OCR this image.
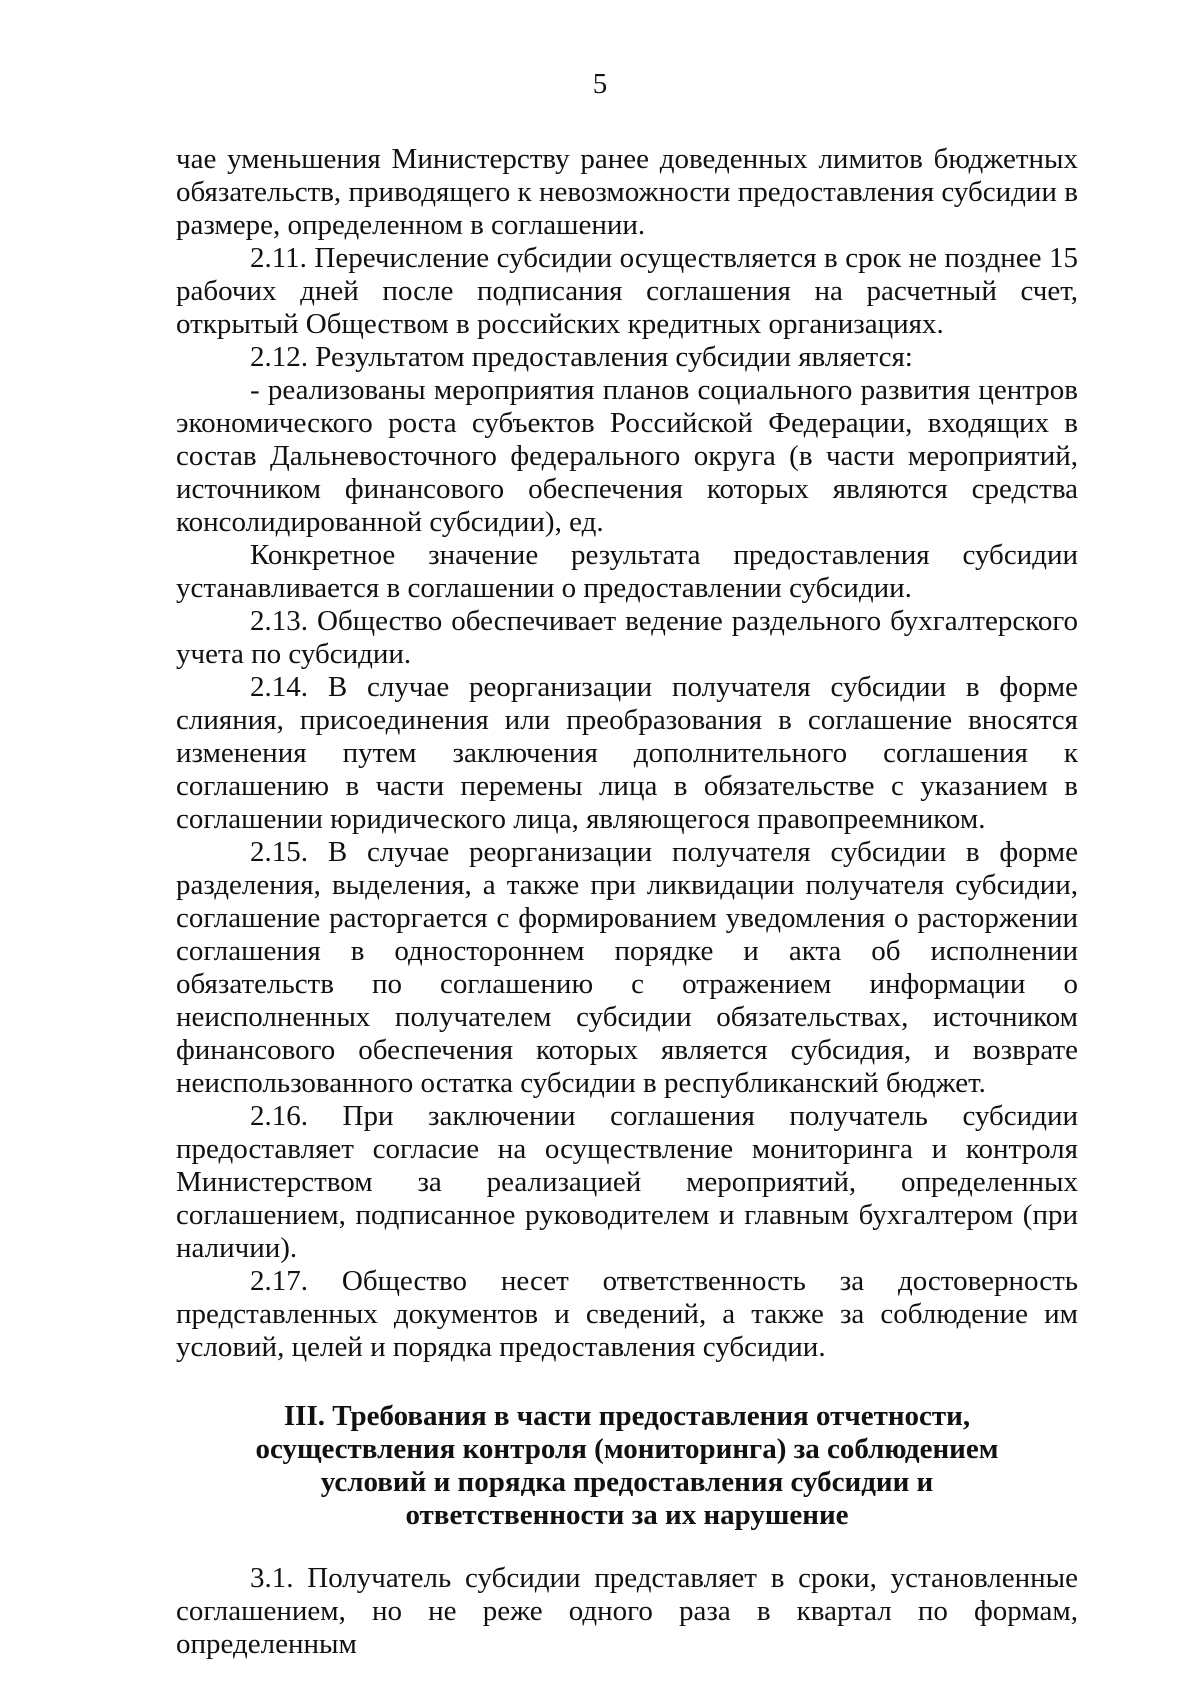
5

чае уменьшения Министерству ранее доведенных лимитов бюджетных обязательств, приводящего к невозможности предоставления субсидии в размере, определенном в соглашении.

2.11. Перечисление субсидии осуществляется в срок не позднее 15 рабочих дней после подписания соглашения на расчетный счет, открытый Обществом в российских кредитных организациях.

2.12. Результатом предоставления субсидии является:

- реализованы мероприятия планов социального развития центров экономического роста субъектов Российской Федерации, входящих в состав Дальневосточного федерального округа (в части мероприятий, источником финансового обеспечения которых являются средства консолидированной субсидии), ед.

Конкретное значение результата предоставления субсидии устанавливается в соглашении о предоставлении субсидии.

2.13. Общество обеспечивает ведение раздельного бухгалтерского учета по субсидии.

2.14. В случае реорганизации получателя субсидии в форме слияния, присоединения или преобразования в соглашение вносятся изменения путем заключения дополнительного соглашения к соглашению в части перемены лица в обязательстве с указанием в соглашении юридического лица, являющегося правопреемником.

2.15. В случае реорганизации получателя субсидии в форме разделения, выделения, а также при ликвидации получателя субсидии, соглашение расторгается с формированием уведомления о расторжении соглашения в одностороннем порядке и акта об исполнении обязательств по соглашению с отражением информации о неисполненных получателем субсидии обязательствах, источником финансового обеспечения которых является субсидия, и возврате неиспользованного остатка субсидии в республиканский бюджет.

2.16. При заключении соглашения получатель субсидии предоставляет согласие на осуществление мониторинга и контроля Министерством за реализацией мероприятий, определенных соглашением, подписанное руководителем и главным бухгалтером (при наличии).

2.17. Общество несет ответственность за достоверность представленных документов и сведений, а также за соблюдение им условий, целей и порядка предоставления субсидии.

III. Требования в части предоставления отчетности, осуществления контроля (мониторинга) за соблюдением условий и порядка предоставления субсидии и ответственности за их нарушение

3.1. Получатель субсидии представляет в сроки, установленные соглашением, но не реже одного раза в квартал по формам, определенным
